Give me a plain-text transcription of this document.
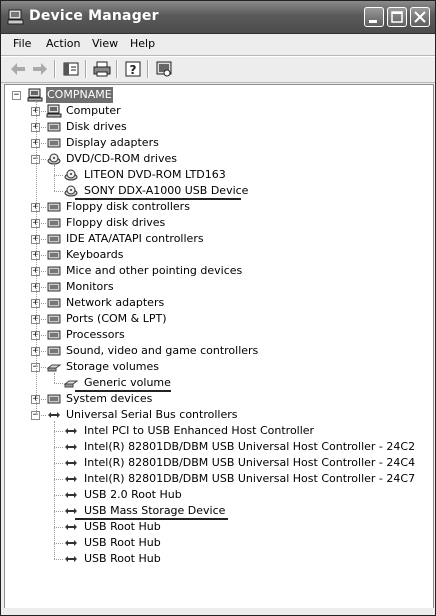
Device Manager
File Action View Help
?
−	COMPNAME
+	Computer
+	Disk drives
+	Display adapters
−	DVD/CD-ROM drives
LITEON DVD-ROM LTD163
SONY DDX-A1000 USB Device
+	Floppy disk controllers
+	Floppy disk drives
+	IDE ATA/ATAPI controllers
+	Keyboards
+	Mice and other pointing devices
+	Monitors
+	Network adapters
+	Ports (COM & LPT)
+	Processors
+	Sound, video and game controllers
−	Storage volumes
Generic volume
+	System devices
−	Universal Serial Bus controllers
Intel PCI to USB Enhanced Host Controller
Intel(R) 82801DB/DBM USB Universal Host Controller - 24C2
Intel(R) 82801DB/DBM USB Universal Host Controller - 24C4
Intel(R) 82801DB/DBM USB Universal Host Controller - 24C7
USB 2.0 Root Hub
USB Mass Storage Device
USB Root Hub
USB Root Hub
USB Root Hub
